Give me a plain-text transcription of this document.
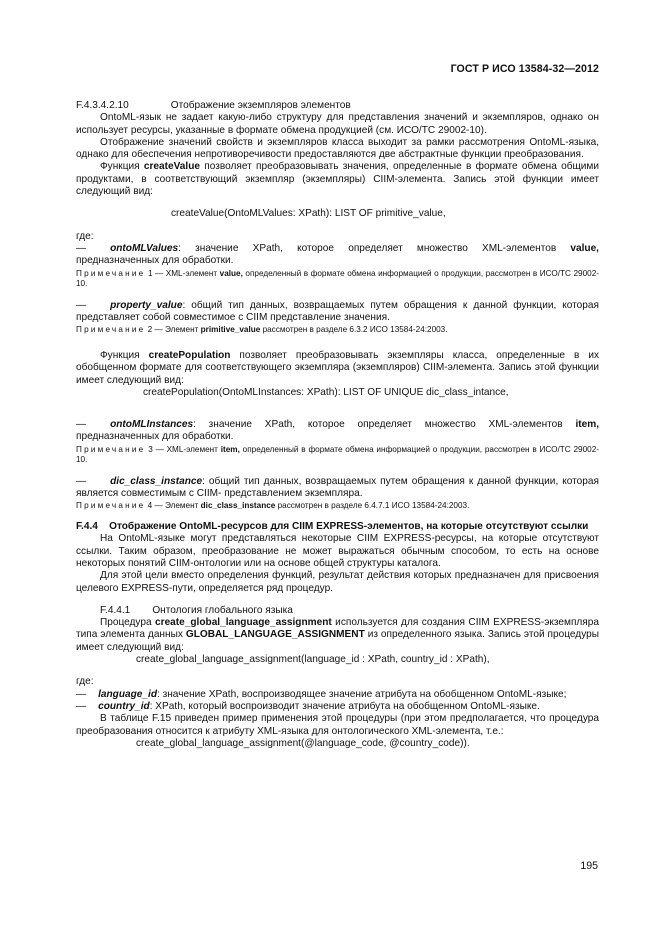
ГОСТ Р ИСО 13584-32—2012

F.4.3.4.2.10	Отображение экземпляров элементов

OntoML-язык не задает какую-либо структуру для представления значений и экземпляров, однако он использует ресурсы, указанные в формате обмена продукцией (см. ИСО/ТС 29002-10).

Отображение значений свойств и экземпляров класса выходит за рамки рассмотрения OntoML-языка, однако для обеспечения непротиворечивости предоставляются две абстрактные функции преобразования.

Функция createValue позволяет преобразовывать значения, определенные в формате обмена общими продуктами, в соответствующий экземпляр (экземпляры) CIIM-элемента. Запись этой функции имеет следующий вид:

createValue(OntoMLValues: XPath): LIST OF primitive_value,

где:

— ontoMLValues: значение XPath, которое определяет множество XML-элементов value, предназначенных для обработки.

Примечание 1 — XML-элемент value, определенный в формате обмена информацией о продукции, рассмотрен в ИСО/ТС 29002-10.

— property_value: общий тип данных, возвращаемых путем обращения к данной функции, которая представляет собой совместимое с CIIM представление значения.

Примечание 2 — Элемент primitive_value рассмотрен в разделе 6.3.2 ИСО 13584-24:2003.

Функция createPopulation позволяет преобразовывать экземпляры класса, определенные в их обобщенном формате для соответствующего экземпляра (экземпляров) CIIM-элемента. Запись этой функции имеет следующий вид:

createPopulation(OntoMLInstances: XPath): LIST OF UNIQUE dic_class_intance,

— ontoMLInstances: значение XPath, которое определяет множество XML-элементов item, предназначенных для обработки.

Примечание 3 — XML-элемент item, определенный в формате обмена информацией о продукции, рассмотрен в ИСО/ТС 29002-10.

— dic_class_instance: общий тип данных, возвращаемых путем обращения к данной функции, которая является совместимым с CIIM- представлением экземпляра.

Примечание 4 — Элемент dic_class_instance рассмотрен в разделе 6.4.7.1 ИСО 13584-24:2003.

F.4.4    Отображение OntoML-ресурсов для CIIM EXPRESS-элементов, на которые отсутствуют ссылки

На OntoML-языке могут представляться некоторые CIIM EXPRESS-ресурсы, на которые отсутствуют ссылки. Таким образом, преобразование не может выражаться обычным способом, то есть на основе некоторых понятий CIIM-онтологии или на основе общей структуры каталога.

Для этой цели вместо определения функций, результат действия которых предназначен для присвоения целевого EXPRESS-пути, определяется ряд процедур.

F.4.4.1 Онтология глобального языка

Процедура create_global_language_assignment используется для создания CIIM EXPRESS-экземпляра типа элемента данных GLOBAL_LANGUAGE_ASSIGNMENT из определенного языка. Запись этой процедуры имеет следующий вид:

create_global_language_assignment(language_id : XPath, country_id : XPath),

где:

— language_id: значение XPath, воспроизводящее значение атрибута на обобщенном OntoML-языке;

— country_id: XPath, который воспроизводит значение атрибута на обобщенном OntoML-языке.

В таблице F.15 приведен пример применения этой процедуры (при этом предполагается, что процедура преобразования относится к атрибуту XML-языка для онтологического XML-элемента, т.е.:

create_global_language_assignment(@language_code, @country_code)).

195
